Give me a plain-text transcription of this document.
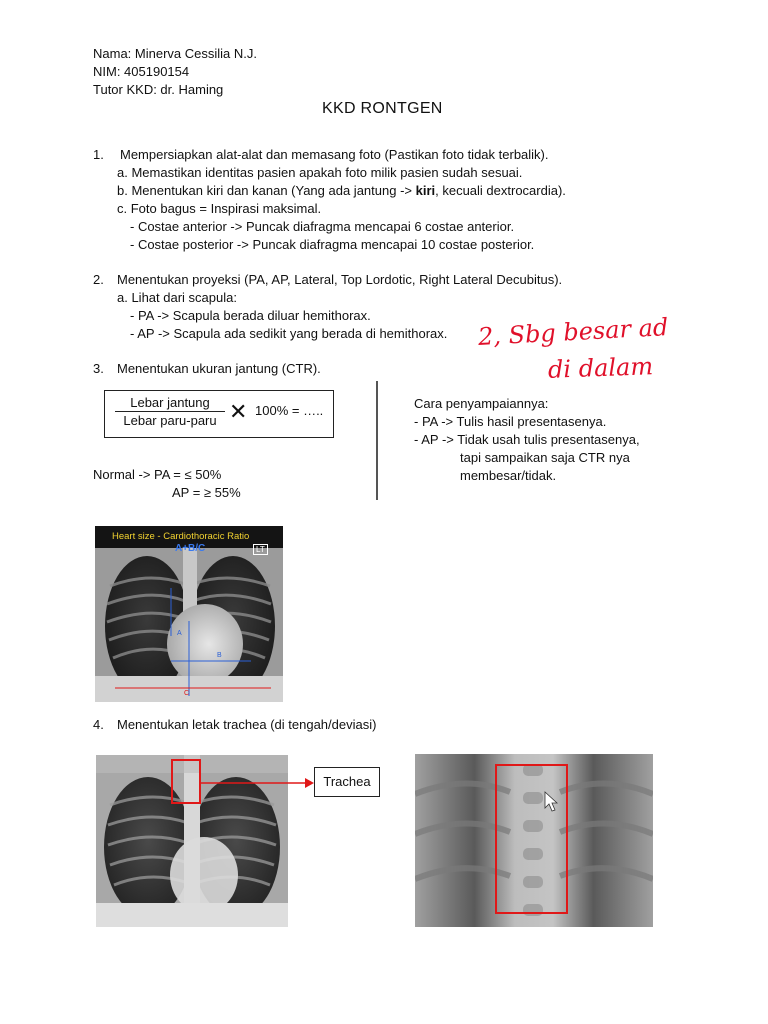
Nama: Minerva Cessilia N.J.
NIM: 405190154
Tutor KKD: dr. Haming
KKD RONTGEN
1. Mempersiapkan alat-alat dan memasang foto (Pastikan foto tidak terbalik).
a. Memastikan identitas pasien apakah foto milik pasien sudah sesuai.
b. Menentukan kiri dan kanan (Yang ada jantung -> kiri, kecuali dextrocardia).
c. Foto bagus = Inspirasi maksimal.
- Costae anterior -> Puncak diafragma mencapai 6 costae anterior.
- Costae posterior -> Puncak diafragma mencapai 10 costae posterior.
2. Menentukan proyeksi (PA, AP, Lateral, Top Lordotic, Right Lateral Decubitus).
a. Lihat dari scapula:
- PA -> Scapula berada diluar hemithorax.
- AP -> Scapula ada sedikit yang berada di hemithorax. 2, Sbg besar ad
di dalam
3. Menentukan ukuran jantung (CTR).
Lebar jantung
Lebar paru-paru ✕ 100% = …..
Normal -> PA = ≤ 50%
AP = ≥ 55%
Cara penyampaiannya:
- PA -> Tulis hasil presentasenya.
- AP -> Tidak usah tulis presentasenya,
tapi sampaikan saja CTR nya
membesar/tidak.
Heart size - Cardiothoracic Ratio
A+B/C	LT
A
B
C
4. Menentukan letak trachea (di tengah/deviasi)
Trachea
